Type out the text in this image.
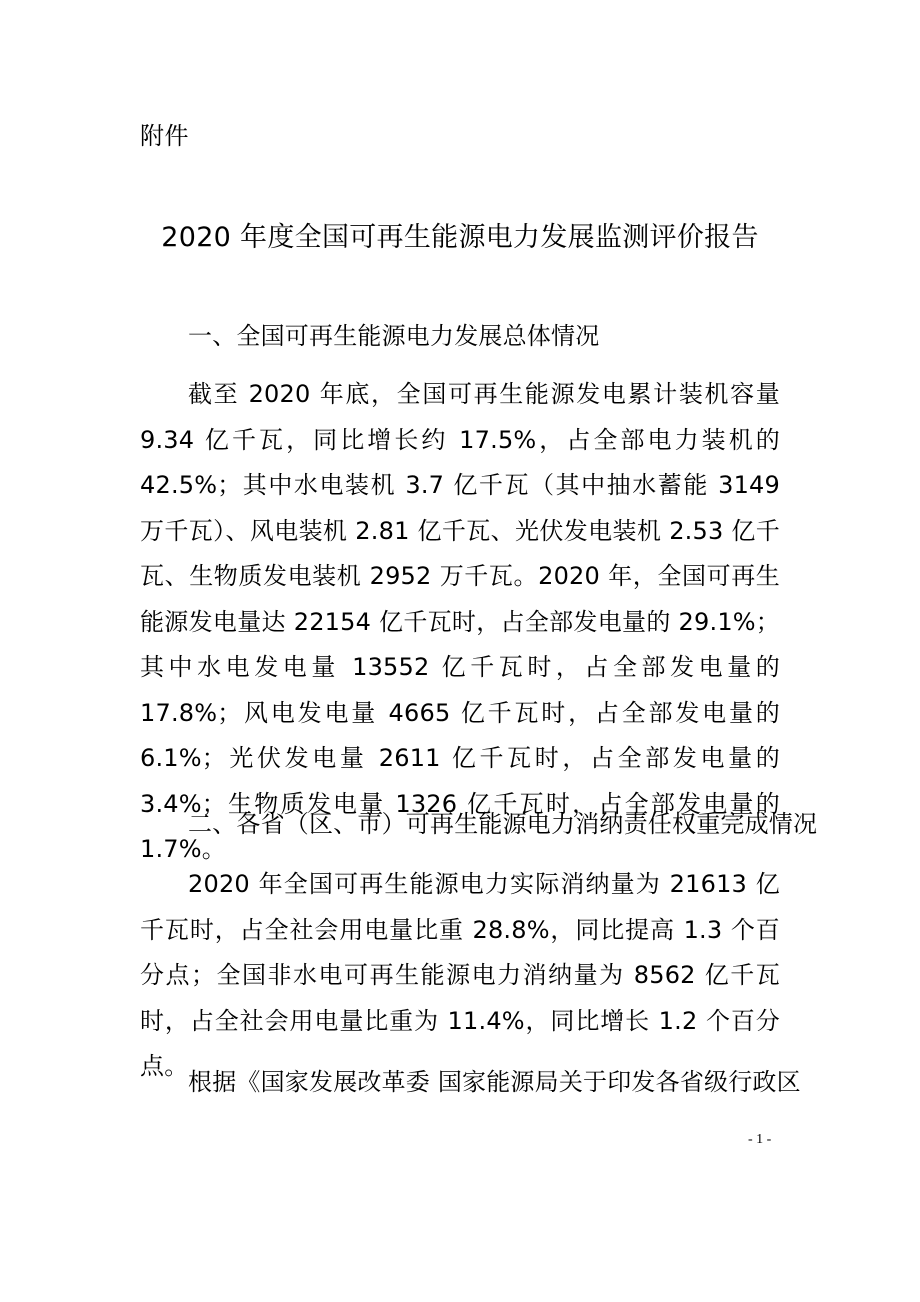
附件
2020 年度全国可再生能源电力发展监测评价报告

一、全国可再生能源电力发展总体情况

截至 2020 年底，全国可再生能源发电累计装机容量 9.34 亿千瓦，同比增长约 17.5%，占全部电力装机的 42.5%；其中水电装机 3.7 亿千瓦（其中抽水蓄能 3149 万千瓦）、风电装机 2.81 亿千瓦、光伏发电装机 2.53 亿千瓦、生物质发电装机 2952 万千瓦。2020 年，全国可再生能源发电量达 22154 亿千瓦时，占全部发电量的 29.1%；其中水电发电量 13552 亿千瓦时，占全部发电量的 17.8%；风电发电量 4665 亿千瓦时，占全部发电量的 6.1%；光伏发电量 2611 亿千瓦时，占全部发电量的 3.4%；生物质发电量 1326 亿千瓦时，占全部发电量的 1.7%。

二、各省（区、市）可再生能源电力消纳责任权重完成情况

2020 年全国可再生能源电力实际消纳量为 21613 亿千瓦时，占全社会用电量比重 28.8%，同比提高 1.3 个百分点；全国非水电可再生能源电力消纳量为 8562 亿千瓦时，占全社会用电量比重为 11.4%，同比增长 1.2 个百分点。

根据《国家发展改革委 国家能源局关于印发各省级行政区

- 1 -
